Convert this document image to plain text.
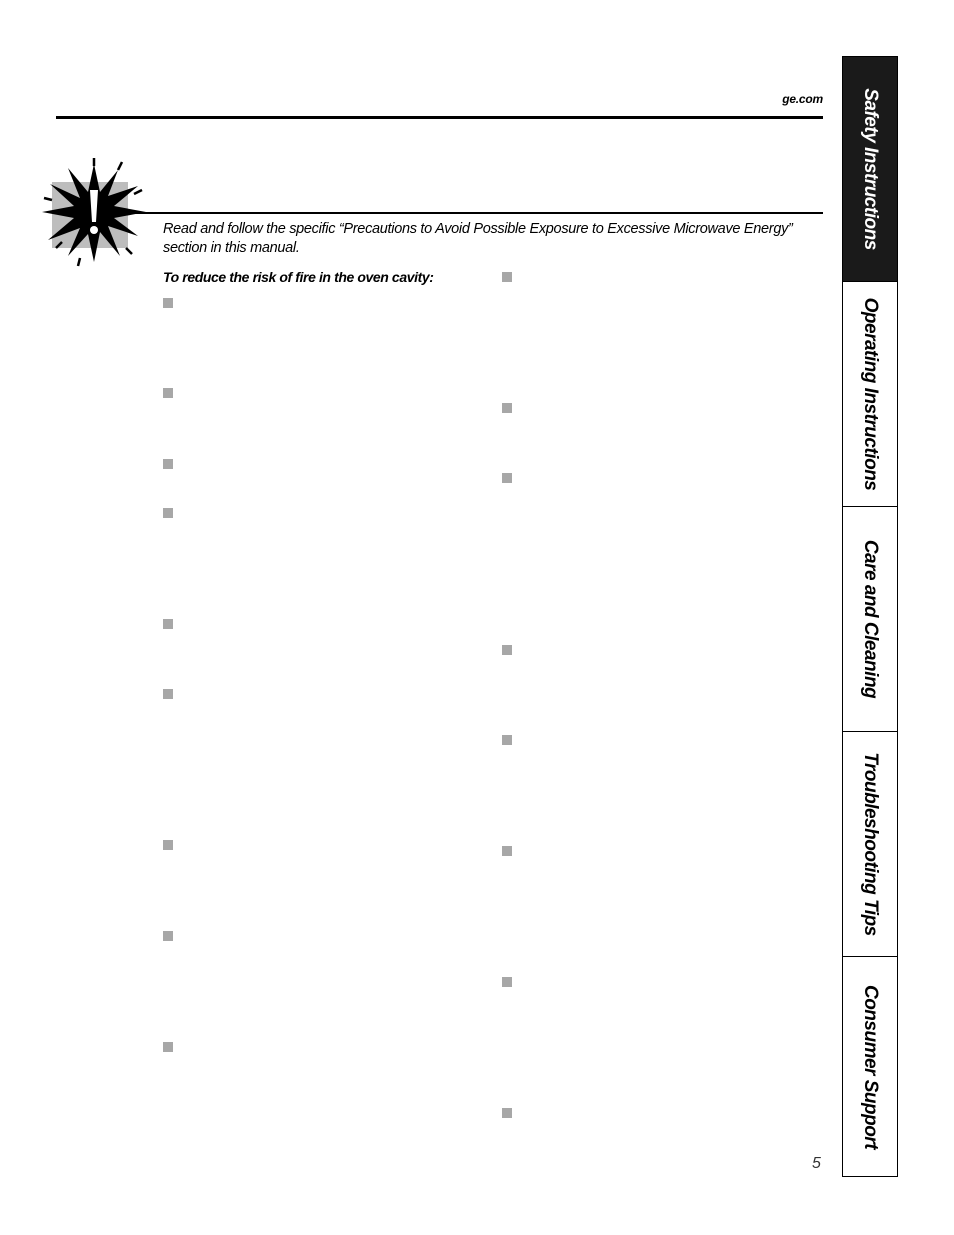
ge.com
Read and follow the specific “Precautions to Avoid Possible Exposure to Excessive Microwave Energy” section in this manual.
To reduce the risk of fire in the oven cavity:
Safety Instructions
Operating Instructions
Care and Cleaning
Troubleshooting Tips
Consumer Support
5
